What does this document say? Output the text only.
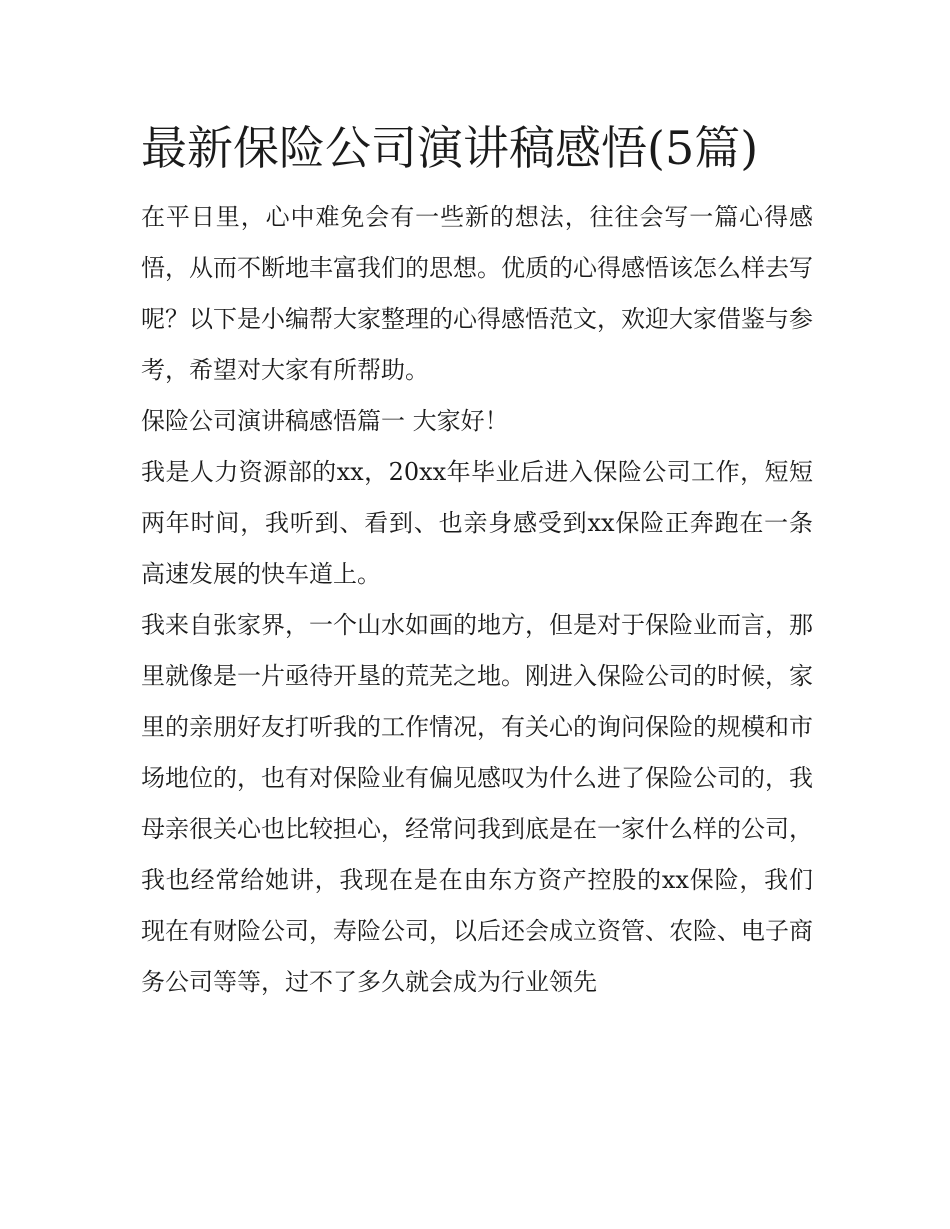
最新保险公司演讲稿感悟(5篇)

在平日里，心中难免会有一些新的想法，往往会写一篇心得感悟，从而不断地丰富我们的思想。优质的心得感悟该怎么样去写呢？以下是小编帮大家整理的心得感悟范文，欢迎大家借鉴与参考，希望对大家有所帮助。

保险公司演讲稿感悟篇一 大家好！

我是人力资源部的xx，20xx年毕业后进入保险公司工作，短短两年时间，我听到、看到、也亲身感受到xx保险正奔跑在一条高速发展的快车道上。

我来自张家界，一个山水如画的地方，但是对于保险业而言，那里就像是一片亟待开垦的荒芜之地。刚进入保险公司的时候，家里的亲朋好友打听我的工作情况，有关心的询问保险的规模和市场地位的，也有对保险业有偏见感叹为什么进了保险公司的，我母亲很关心也比较担心，经常问我到底是在一家什么样的公司，我也经常给她讲，我现在是在由东方资产控股的xx保险，我们现在有财险公司，寿险公司，以后还会成立资管、农险、电子商务公司等等，过不了多久就会成为行业领先
